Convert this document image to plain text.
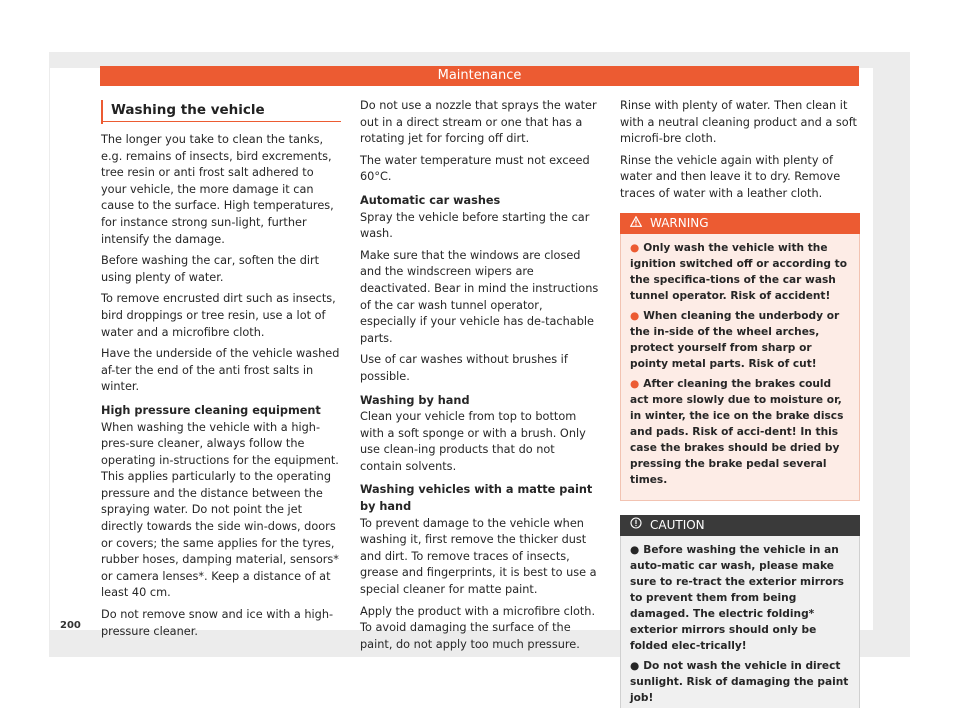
Maintenance
Washing the vehicle

The longer you take to clean the tanks, e.g. remains of insects, bird excrements, tree resin or anti frost salt adhered to your vehicle, the more damage it can cause to the surface. High temperatures, for instance strong sun-light, further intensify the damage.

Before washing the car, soften the dirt using plenty of water.

To remove encrusted dirt such as insects, bird droppings or tree resin, use a lot of water and a microfibre cloth.

Have the underside of the vehicle washed af-ter the end of the anti frost salts in winter.

High pressure cleaning equipment

When washing the vehicle with a high-pres-sure cleaner, always follow the operating in-structions for the equipment. This applies particularly to the operating pressure and the distance between the spraying water. Do not point the jet directly towards the side win-dows, doors or covers; the same applies for the tyres, rubber hoses, damping material, sensors* or camera lenses*. Keep a distance of at least 40 cm.

Do not remove snow and ice with a high-pressure cleaner.

Do not use a nozzle that sprays the water out in a direct stream or one that has a rotating jet for forcing off dirt.

The water temperature must not exceed 60°C.

Automatic car washes

Spray the vehicle before starting the car wash.

Make sure that the windows are closed and the windscreen wipers are deactivated. Bear in mind the instructions of the car wash tunnel operator, especially if your vehicle has de-tachable parts.

Use of car washes without brushes if possible.

Washing by hand

Clean your vehicle from top to bottom with a soft sponge or with a brush. Only use clean-ing products that do not contain solvents.

Washing vehicles with a matte paint by hand

To prevent damage to the vehicle when washing it, first remove the thicker dust and dirt. To remove traces of insects, grease and fingerprints, it is best to use a special cleaner for matte paint.

Apply the product with a microfibre cloth. To avoid damaging the surface of the paint, do not apply too much pressure.

Rinse with plenty of water. Then clean it with a neutral cleaning product and a soft microfi-bre cloth.

Rinse the vehicle again with plenty of water and then leave it to dry. Remove traces of water with a leather cloth.

WARNING

● Only wash the vehicle with the ignition switched off or according to the specifica-tions of the car wash tunnel operator. Risk of accident!

● When cleaning the underbody or the in-side of the wheel arches, protect yourself from sharp or pointy metal parts. Risk of cut!

● After cleaning the brakes could act more slowly due to moisture or, in winter, the ice on the brake discs and pads. Risk of acci-dent! In this case the brakes should be dried by pressing the brake pedal several times.

CAUTION

● Before washing the vehicle in an auto-matic car wash, please make sure to re-tract the exterior mirrors to prevent them from being damaged. The electric folding* exterior mirrors should only be folded elec-trically!

● Do not wash the vehicle in direct sunlight. Risk of damaging the paint job!

200
